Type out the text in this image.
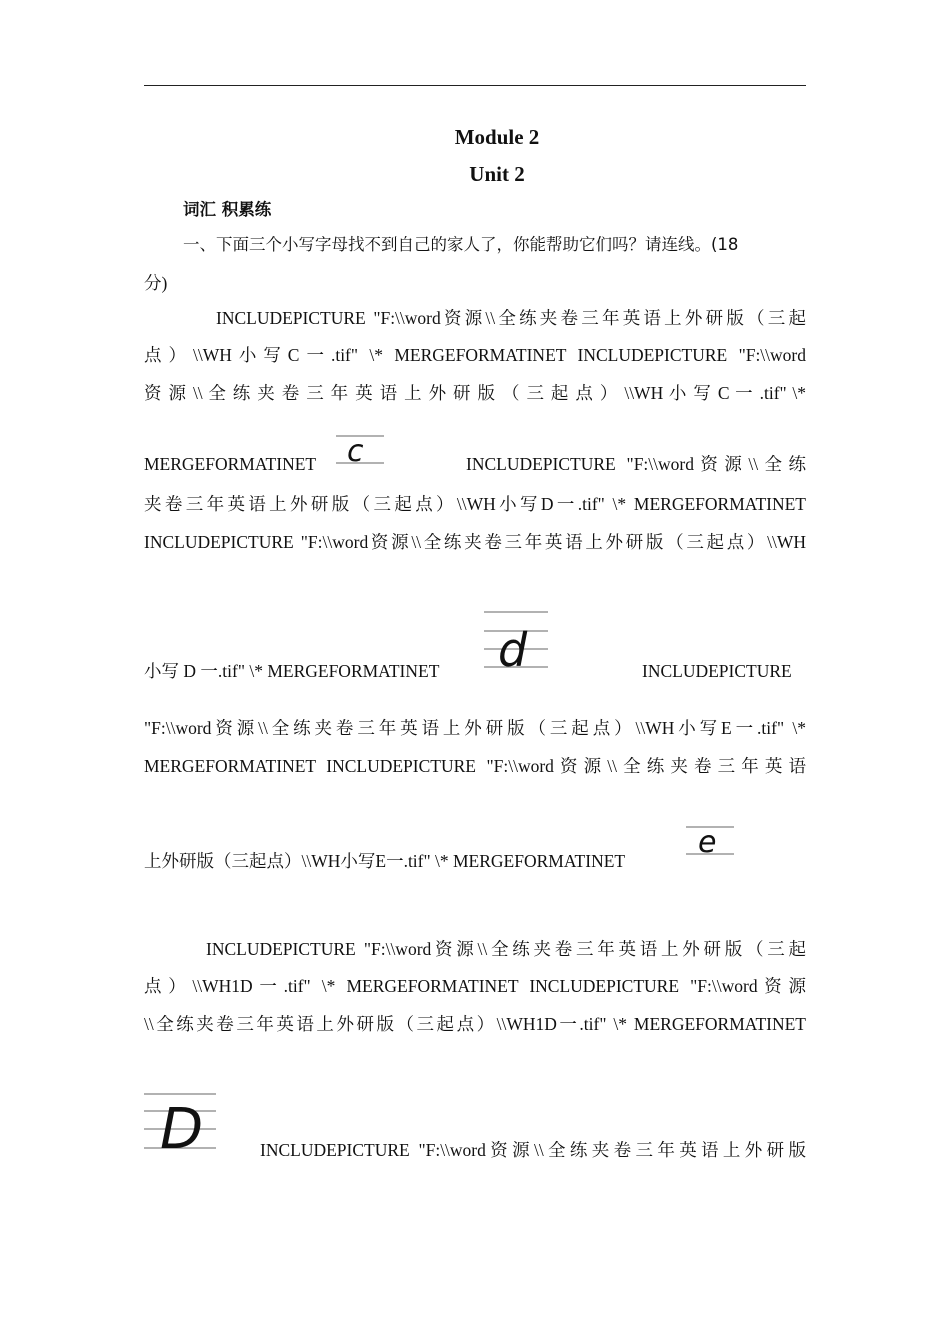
Module 2
Unit 2
词汇 积累练
一、下面三个小写字母找不到自己的家人了，你能帮助它们吗？请连线。(18
分)
INCLUDEPICTURE "F:\\word资源\\全练夹卷三年英语上外研版（三起
点）\\WH小写C一.tif" \* MERGEFORMATINET INCLUDEPICTURE "F:\\word
资 源 \\ 全 练 夹 卷 三 年 英 语 上 外 研 版 （ 三 起 点 ） \\WH 小 写 C 一 .tif" \*
MERGEFORMATINET c	INCLUDEPICTURE "F:\\word资源\\全练
夹卷三年英语上外研版（三起点）\\WH小写D一.tif" \* MERGEFORMATINET
INCLUDEPICTURE "F:\\word资源\\全练夹卷三年英语上外研版（三起点）\\WH
d
小写 D 一.tif" \* MERGEFORMATINET	INCLUDEPICTURE
"F:\\word资源\\全练夹卷三年英语上外研版（三起点）\\WH小写E一.tif" \*
MERGEFORMATINET INCLUDEPICTURE "F:\\word资源\\全练夹卷三年英语
上外研版（三起点）\\WH小写E一.tif" \* MERGEFORMATINET
e
INCLUDEPICTURE "F:\\word资源\\全练夹卷三年英语上外研版（三起
点）\\WH1D一.tif" \* MERGEFORMATINET INCLUDEPICTURE "F:\\word资源
\\全练夹卷三年英语上外研版（三起点）\\WH1D一.tif" \* MERGEFORMATINET
D	INCLUDEPICTURE "F:\\word资源\\全练夹卷三年英语上外研版
